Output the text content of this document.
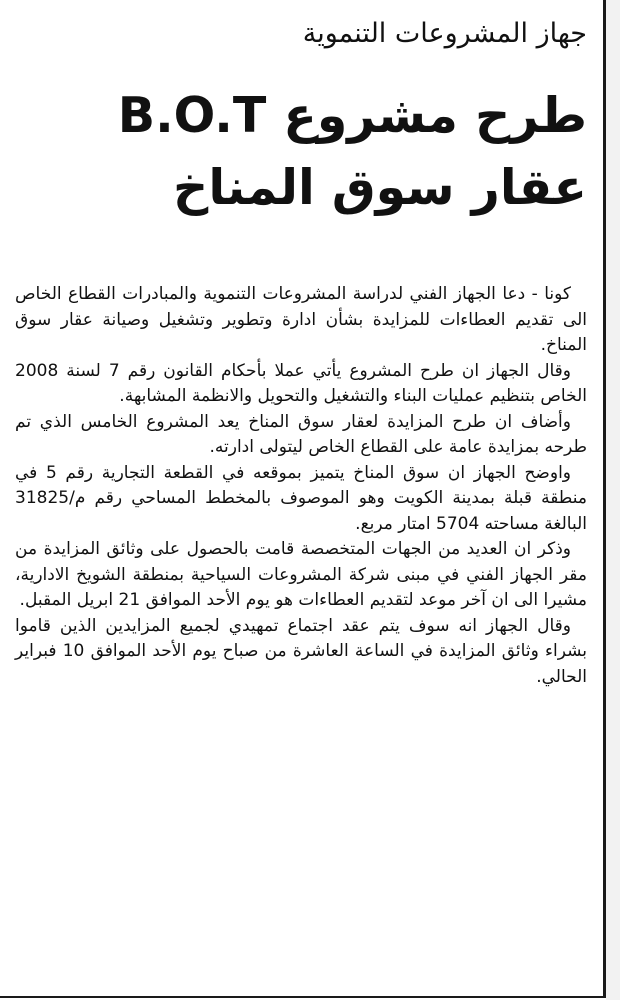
جهاز المشروعات التنموية
طرح مشروع B.O.T
عقار سوق المناخ

كونا - دعا الجهاز الفني لدراسة المشروعات التنموية والمبادرات القطاع الخاص الى تقديم العطاءات للمزايدة بشأن ادارة وتطوير وتشغيل وصيانة عقار سوق المناخ.

وقال الجهاز ان طرح المشروع يأتي عملا بأحكام القانون رقم 7 لسنة 2008 الخاص بتنظيم عمليات البناء والتشغيل والتحويل والانظمة المشابهة.

وأضاف ان طرح المزايدة لعقار سوق المناخ يعد المشروع الخامس الذي تم طرحه بمزايدة عامة على القطاع الخاص ليتولى ادارته.

واوضح الجهاز ان سوق المناخ يتميز بموقعه في القطعة التجارية رقم 5 في منطقة قبلة بمدينة الكويت وهو الموصوف بالمخطط المساحي رقم م/31825 البالغة مساحته 5704 امتار مربع.

وذكر ان العديد من الجهات المتخصصة قامت بالحصول على وثائق المزايدة من مقر الجهاز الفني في مبنى شركة المشروعات السياحية بمنطقة الشويخ الادارية، مشيرا الى ان آخر موعد لتقديم العطاءات هو يوم الأحد الموافق 21 ابريل المقبل.

وقال الجهاز انه سوف يتم عقد اجتماع تمهيدي لجميع المزايدين الذين قاموا بشراء وثائق المزايدة في الساعة العاشرة من صباح يوم الأحد الموافق 10 فبراير الحالي.
